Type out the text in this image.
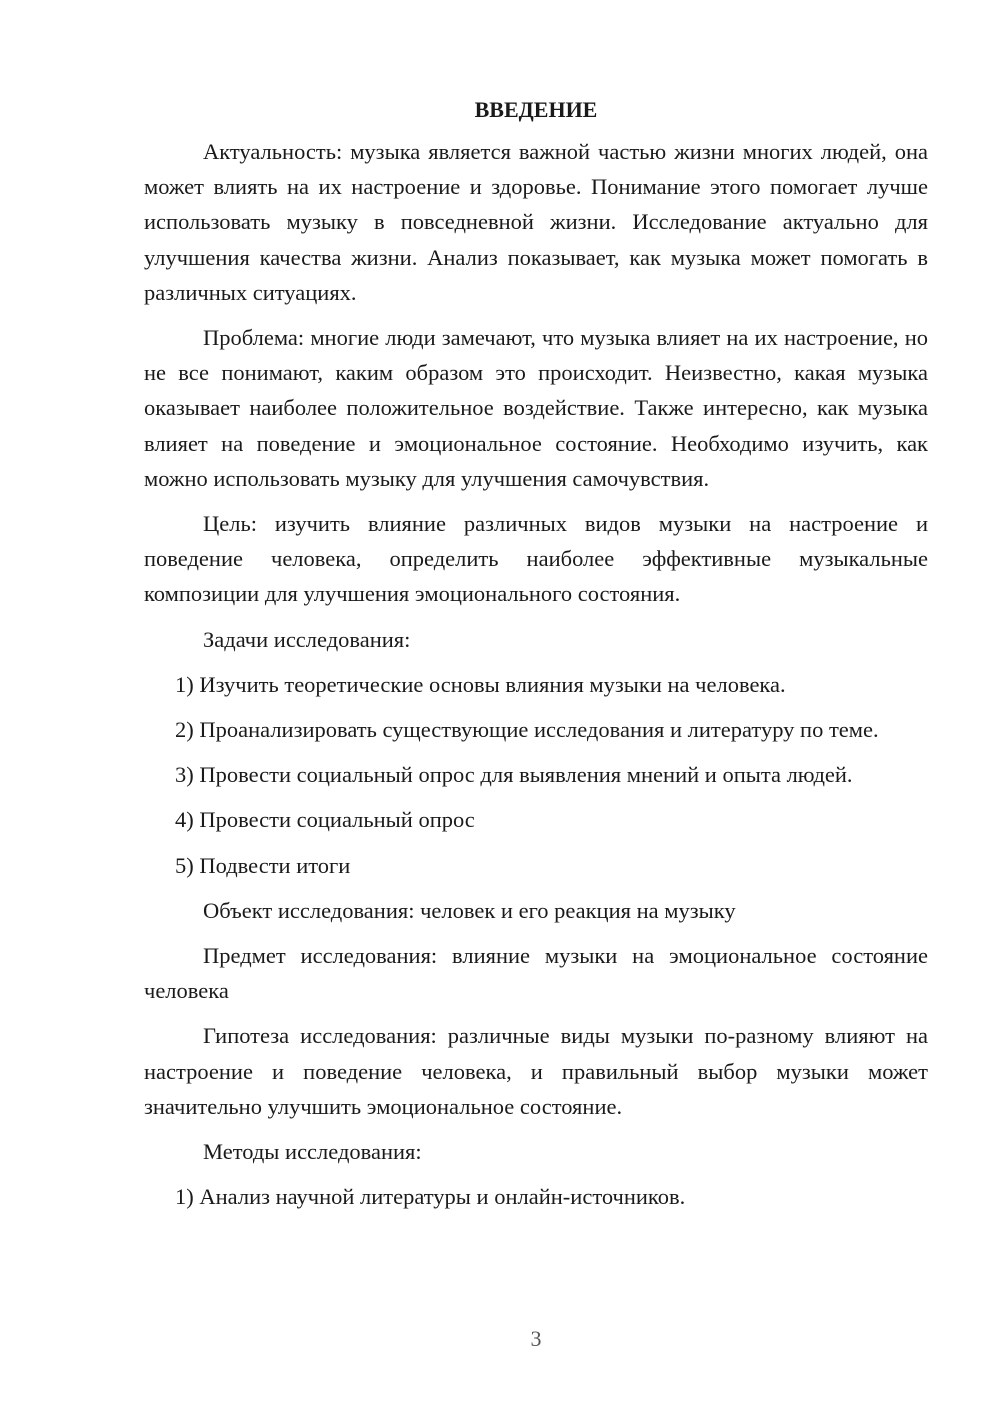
ВВЕДЕНИЕ

Актуальность: музыка является важной частью жизни многих людей, она может влиять на их настроение и здоровье. Понимание этого помогает лучше использовать музыку в повседневной жизни. Исследование актуально для улучшения качества жизни. Анализ показывает, как музыка может помогать в различных ситуациях.

Проблема: многие люди замечают, что музыка влияет на их настроение, но не все понимают, каким образом это происходит. Неизвестно, какая музыка оказывает наиболее положительное воздействие. Также интересно, как музыка влияет на поведение и эмоциональное состояние. Необходимо изучить, как можно использовать музыку для улучшения самочувствия.

Цель: изучить влияние различных видов музыки на настроение и поведение человека, определить наиболее эффективные музыкальные композиции для улучшения эмоционального состояния.

Задачи исследования:

1) Изучить теоретические основы влияния музыки на человека.

2) Проанализировать существующие исследования и литературу по теме.

3) Провести социальный опрос для выявления мнений и опыта людей.

4) Провести социальный опрос

5) Подвести итоги

Объект исследования: человек и его реакция на музыку

Предмет исследования: влияние музыки на эмоциональное состояние человека

Гипотеза исследования: различные виды музыки по-разному влияют на настроение и поведение человека, и правильный выбор музыки может значительно улучшить эмоциональное состояние.

Методы исследования:

1) Анализ научной литературы и онлайн-источников.

3
